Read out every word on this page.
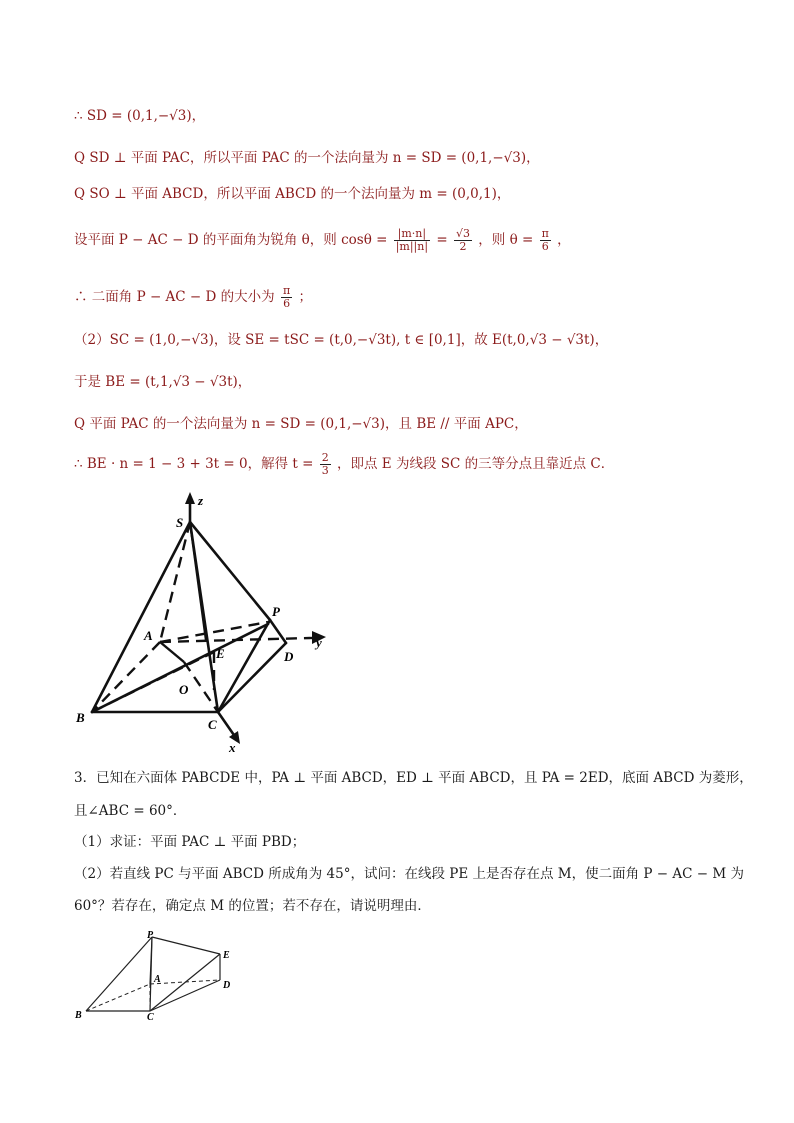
∴ SD = (0,1,−√3)，
Q SD ⊥ 平面 PAC，所以平面 PAC 的一个法向量为 n = SD = (0,1,−√3)，
Q SO ⊥ 平面 ABCD，所以平面 ABCD 的一个法向量为 m = (0,0,1)，
设平面 P − AC − D 的平面角为锐角 θ，则 $\cos\theta = \frac{|m\cdot n|}{|m||n|} = \frac{√3}{2}$ ，则 $\theta = \frac{\pi}{6}$ ，
∴ 二面角 P − AC − D 的大小为 $\frac{\pi}{6}$ ；
（2）SC = (1,0,−√3)，设 SE = tSC = (t,0,−√3t), t ∈ [0,1]，故 E(t,0,√3 − √3t)，
于是 BE = (t,1,√3 − √3t)，
Q 平面 PAC 的一个法向量为 n = SD = (0,1,−√3)，且 BE // 平面 APC，
∴ BE · n = 1 − 3 + 3t = 0，解得 $t = \frac{2}{3}$ ，即点 E 为线段 SC 的三等分点且靠近点 C．
S
z
P
A
E	D
y
O
B	C
x
3．已知在六面体 PABCDE 中，PA ⊥ 平面 ABCD，ED ⊥ 平面 ABCD，且 PA = 2ED，底面 ABCD 为菱形，
且∠ABC = 60°．
（1）求证：平面 PAC ⊥ 平面 PBD；
（2）若直线 PC 与平面 ABCD 所成角为 45°，试问：在线段 PE 上是否存在点 M，使二面角 P − AC − M 为
60°？若存在，确定点 M 的位置；若不存在，请说明理由．
P
E
A
D
B	C
